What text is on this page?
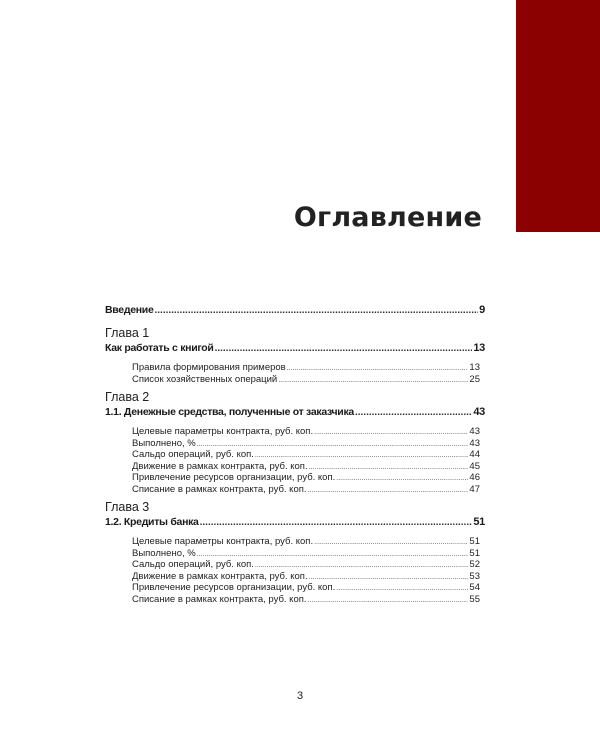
Оглавление
Введение .....	9
Глава 1
Как работать с книгой .....	13
Правила формирования примеров .....	13
Список хозяйственных операций .....	25
Глава 2
1.1. Денежные средства, полученные от заказчика .....	43
Целевые параметры контракта, руб. коп. .....	43
Выполнено, % .....	43
Сальдо операций, руб. коп. .....	44
Движение в рамках контракта, руб. коп. .....	45
Привлечение ресурсов организации, руб. коп. .....	46
Списание в рамках контракта, руб. коп. .....	47
Глава 3
1.2. Кредиты банка .....	51
Целевые параметры контракта, руб. коп. .....	51
Выполнено, % .....	51
Сальдо операций, руб. коп. .....	52
Движение в рамках контракта, руб. коп. .....	53
Привлечение ресурсов организации, руб. коп. .....	54
Списание в рамках контракта, руб. коп. .....	55
3
